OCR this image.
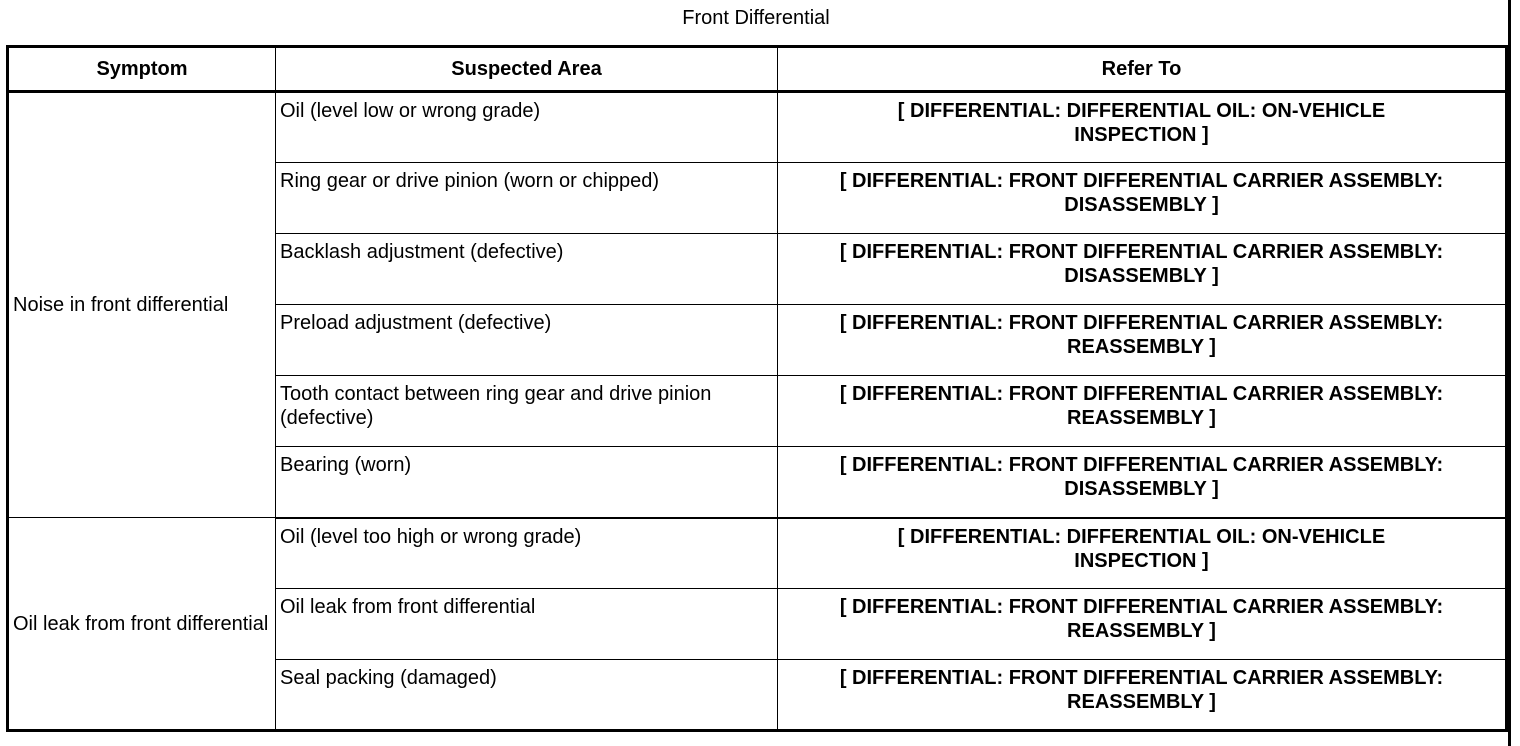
Front Differential
Symptom	Suspected Area	Refer To
Noise in front differential	Oil (level low or wrong grade)	[ DIFFERENTIAL: DIFFERENTIAL OIL: ON-VEHICLE INSPECTION ]
	Ring gear or drive pinion (worn or chipped)	[ DIFFERENTIAL: FRONT DIFFERENTIAL CARRIER ASSEMBLY: DISASSEMBLY ]
	Backlash adjustment (defective)	[ DIFFERENTIAL: FRONT DIFFERENTIAL CARRIER ASSEMBLY: DISASSEMBLY ]
	Preload adjustment (defective)	[ DIFFERENTIAL: FRONT DIFFERENTIAL CARRIER ASSEMBLY: REASSEMBLY ]
	Tooth contact between ring gear and drive pinion (defective)	[ DIFFERENTIAL: FRONT DIFFERENTIAL CARRIER ASSEMBLY: REASSEMBLY ]
	Bearing (worn)	[ DIFFERENTIAL: FRONT DIFFERENTIAL CARRIER ASSEMBLY: DISASSEMBLY ]
Oil leak from front differential	Oil (level too high or wrong grade)	[ DIFFERENTIAL: DIFFERENTIAL OIL: ON-VEHICLE INSPECTION ]
	Oil leak from front differential	[ DIFFERENTIAL: FRONT DIFFERENTIAL CARRIER ASSEMBLY: REASSEMBLY ]
	Seal packing (damaged)	[ DIFFERENTIAL: FRONT DIFFERENTIAL CARRIER ASSEMBLY: REASSEMBLY ]
